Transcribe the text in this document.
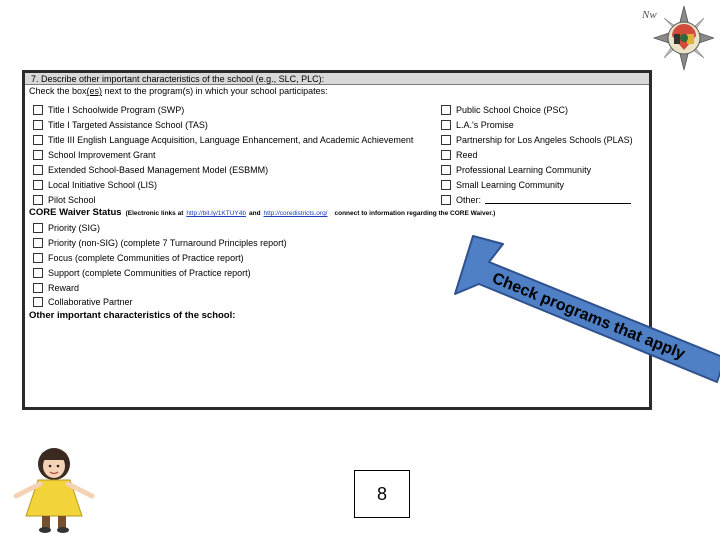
Nw
7. Describe other important characteristics of the school (e.g., SLC, PLC):
Check the box(es) next to the program(s) in which your school participates:
Title I Schoolwide Program (SWP)
Title I Targeted Assistance School (TAS)
Title III English Language Acquisition, Language Enhancement, and Academic Achievement
School Improvement Grant
Extended School-Based Management Model (ESBMM)
Local Initiative School (LIS)
Pilot School
Public School Choice (PSC)
L.A.'s Promise
Partnership for Los Angeles Schools (PLAS)
Reed
Professional Learning Community
Small Learning Community
Other:
CORE Waiver Status (Electronic links at http://bit.ly/1KTUY4b and http://coredistricts.org/ connect to information regarding the CORE Waiver.)
Priority (SIG)
Priority (non-SIG) (complete 7 Turnaround Principles report)
Focus (complete Communities of Practice report)
Support (complete Communities of Practice report)
Reward
Collaborative Partner
Other important characteristics of the school:	Check programs that apply
8
